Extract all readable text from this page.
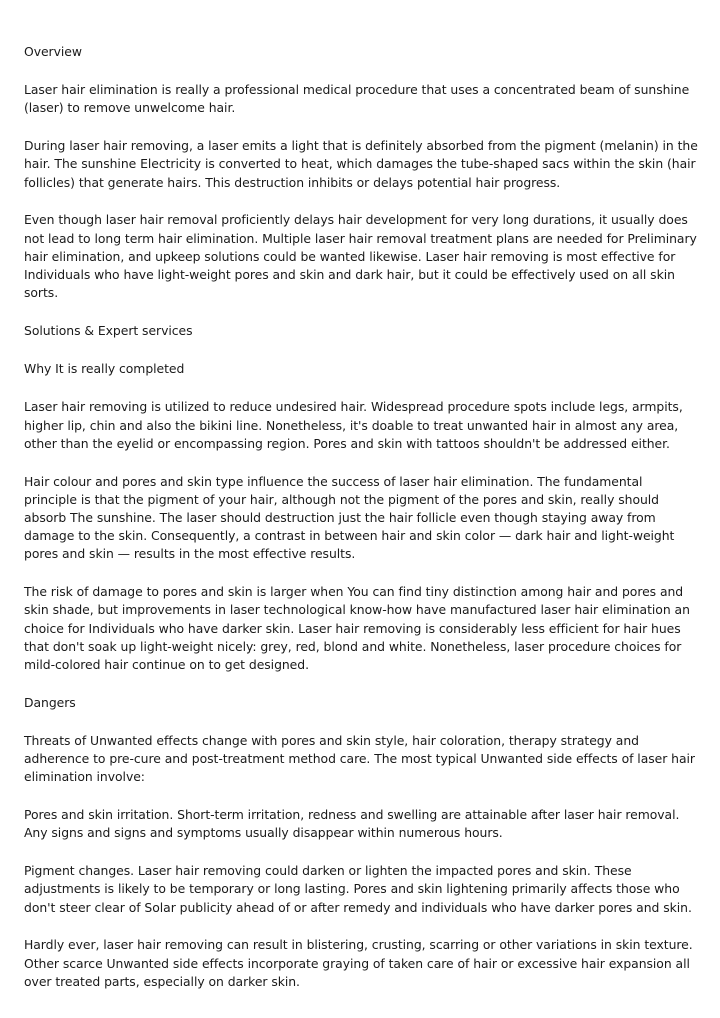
Overview

Laser hair elimination is really a professional medical procedure that uses a concentrated beam of sunshine (laser) to remove unwelcome hair.

During laser hair removing, a laser emits a light that is definitely absorbed from the pigment (melanin) in the hair. The sunshine Electricity is converted to heat, which damages the tube-shaped sacs within the skin (hair follicles) that generate hairs. This destruction inhibits or delays potential hair progress.

Even though laser hair removal proficiently delays hair development for very long durations, it usually does not lead to long term hair elimination. Multiple laser hair removal treatment plans are needed for Preliminary hair elimination, and upkeep solutions could be wanted likewise. Laser hair removing is most effective for Individuals who have light-weight pores and skin and dark hair, but it could be effectively used on all skin sorts.

Solutions & Expert services

Why It is really completed

Laser hair removing is utilized to reduce undesired hair. Widespread procedure spots include legs, armpits, higher lip, chin and also the bikini line. Nonetheless, it's doable to treat unwanted hair in almost any area, other than the eyelid or encompassing region. Pores and skin with tattoos shouldn't be addressed either.

Hair colour and pores and skin type influence the success of laser hair elimination. The fundamental principle is that the pigment of your hair, although not the pigment of the pores and skin, really should absorb The sunshine. The laser should destruction just the hair follicle even though staying away from damage to the skin. Consequently, a contrast in between hair and skin color — dark hair and light-weight pores and skin — results in the most effective results.

The risk of damage to pores and skin is larger when You can find tiny distinction among hair and pores and skin shade, but improvements in laser technological know-how have manufactured laser hair elimination an choice for Individuals who have darker skin. Laser hair removing is considerably less efficient for hair hues that don't soak up light-weight nicely: grey, red, blond and white. Nonetheless, laser procedure choices for mild-colored hair continue on to get designed.

Dangers

Threats of Unwanted effects change with pores and skin style, hair coloration, therapy strategy and adherence to pre-cure and post-treatment method care. The most typical Unwanted side effects of laser hair elimination involve:

Pores and skin irritation. Short-term irritation, redness and swelling are attainable after laser hair removal. Any signs and signs and symptoms usually disappear within numerous hours.

Pigment changes. Laser hair removing could darken or lighten the impacted pores and skin. These adjustments is likely to be temporary or long lasting. Pores and skin lightening primarily affects those who don't steer clear of Solar publicity ahead of or after remedy and individuals who have darker pores and skin.

Hardly ever, laser hair removing can result in blistering, crusting, scarring or other variations in skin texture. Other scarce Unwanted side effects incorporate graying of taken care of hair or excessive hair expansion all over treated parts, especially on darker skin.
